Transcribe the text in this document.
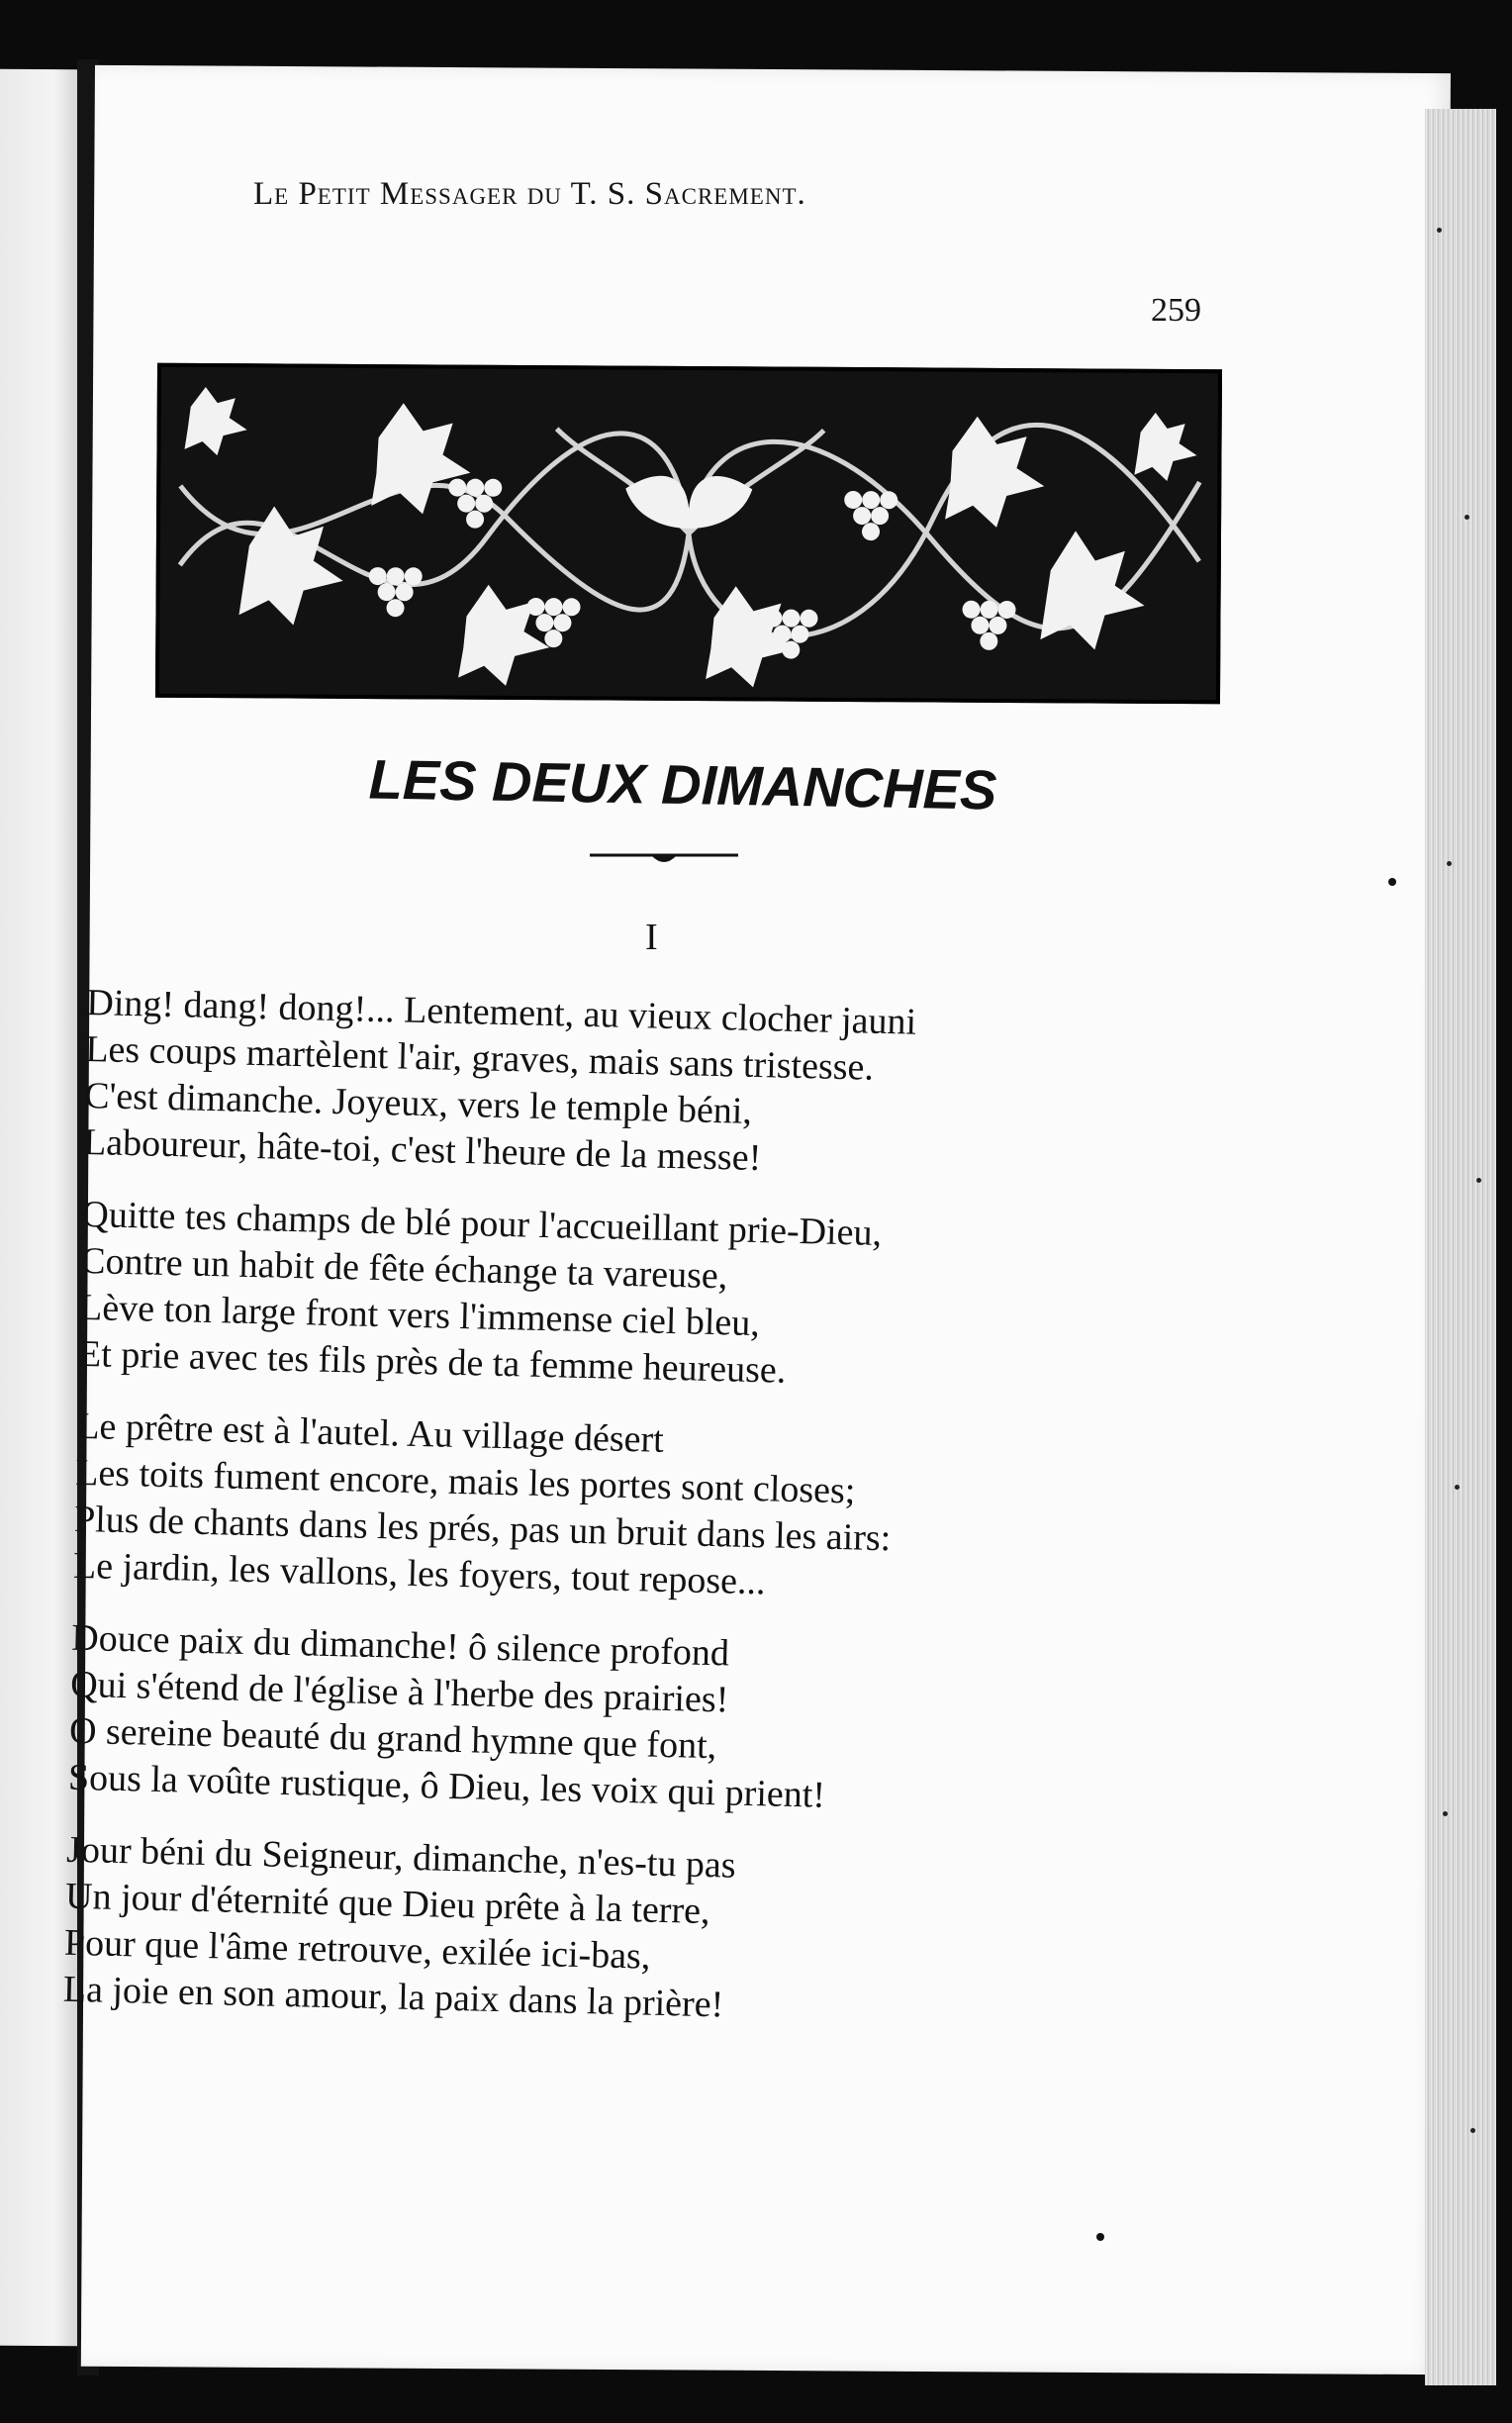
Le Petit Messager du T. S. Sacrement.
259
LES DEUX DIMANCHES
I
Ding! dang! dong!... Lentement, au vieux clocher jauni
Les coups martèlent l'air, graves, mais sans tristesse.
C'est dimanche. Joyeux, vers le temple béni,
Laboureur, hâte-toi, c'est l'heure de la messe!
Quitte tes champs de blé pour l'accueillant prie-Dieu,
Contre un habit de fête échange ta vareuse,
Lève ton large front vers l'immense ciel bleu,
Et prie avec tes fils près de ta femme heureuse.
Le prêtre est à l'autel. Au village désert
Les toits fument encore, mais les portes sont closes;
Plus de chants dans les prés, pas un bruit dans les airs:
Le jardin, les vallons, les foyers, tout repose...
Douce paix du dimanche! ô silence profond
Qui s'étend de l'église à l'herbe des prairies!
O sereine beauté du grand hymne que font,
Sous la voûte rustique, ô Dieu, les voix qui prient!
Jour béni du Seigneur, dimanche, n'es-tu pas
Un jour d'éternité que Dieu prête à la terre,
Pour que l'âme retrouve, exilée ici-bas,
La joie en son amour, la paix dans la prière!
